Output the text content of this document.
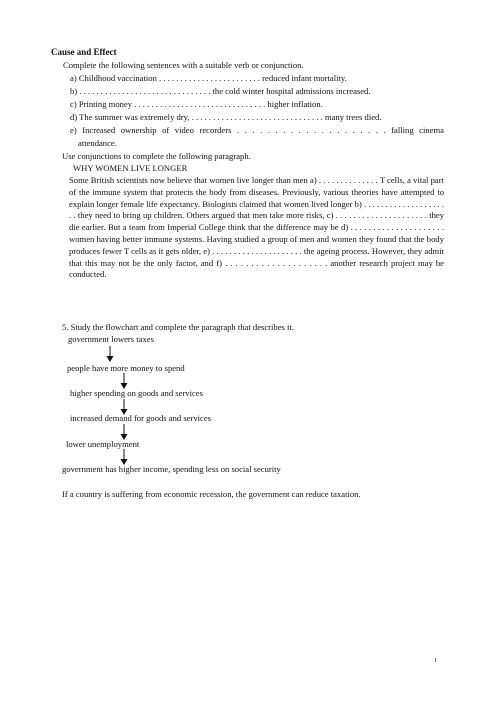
Cause and Effect
Complete the following sentences with a suitable verb or conjunction.
a) Childhood vaccination . . . . . . . . . . . . . . . . . . . . . . . . reduced infant mortality.
b) . . . . . . . . . . . . . . . . . . . . . . . . . . . . . . . the cold winter hospital admissions increased.
c) Printing money . . . . . . . . . . . . . . . . . . . . . . . . . . . . . . . higher inflation.
d) The summer was extremely dry, . . . . . . . . . . . . . . . . . . . . . . . . . . . . . . . many trees died.
e) Increased ownership of video recorders . . . . . . . . . . . . . . . . . . . . falling cinema
attendance.
Use conjunctions to complete the following paragraph.
WHY WOMEN LIVE LONGER
Some British scientists now believe that women live longer than men a) . . . . . . . . . . . . . . T cells, a vital part of the immune system that protects the body from diseases. Previously, various theories have attempted to explain longer female life expectancy. Biologists claimed that women lived longer b) . . . . . . . . . . . . . . . . . . . . . they need to bring up children. Others argued that men take more risks, c) . . . . . . . . . . . . . . . . . . . . . they die earlier. But a team from Imperial College think that the difference may be d) . . . . . . . . . . . . . . . . . . . . . women having better immune systems. Having studied a group of men and women they found that the body produces fewer T cells as it gets older, e) . . . . . . . . . . . . . . . . . . . . . the ageing process. However, they admit that this may not be the only factor, and f) . . . . . . . . . . . . . . . . . . . . another research project may be conducted.
5. Study the flowchart and complete the paragraph that describes it.
government lowers taxes
people have more money to spend
higher spending on goods and services
increased demand for goods and services
lower unemployment
government has higher income, spending less on social security
If a country is suffering from economic recession, the government can reduce taxation.
1
